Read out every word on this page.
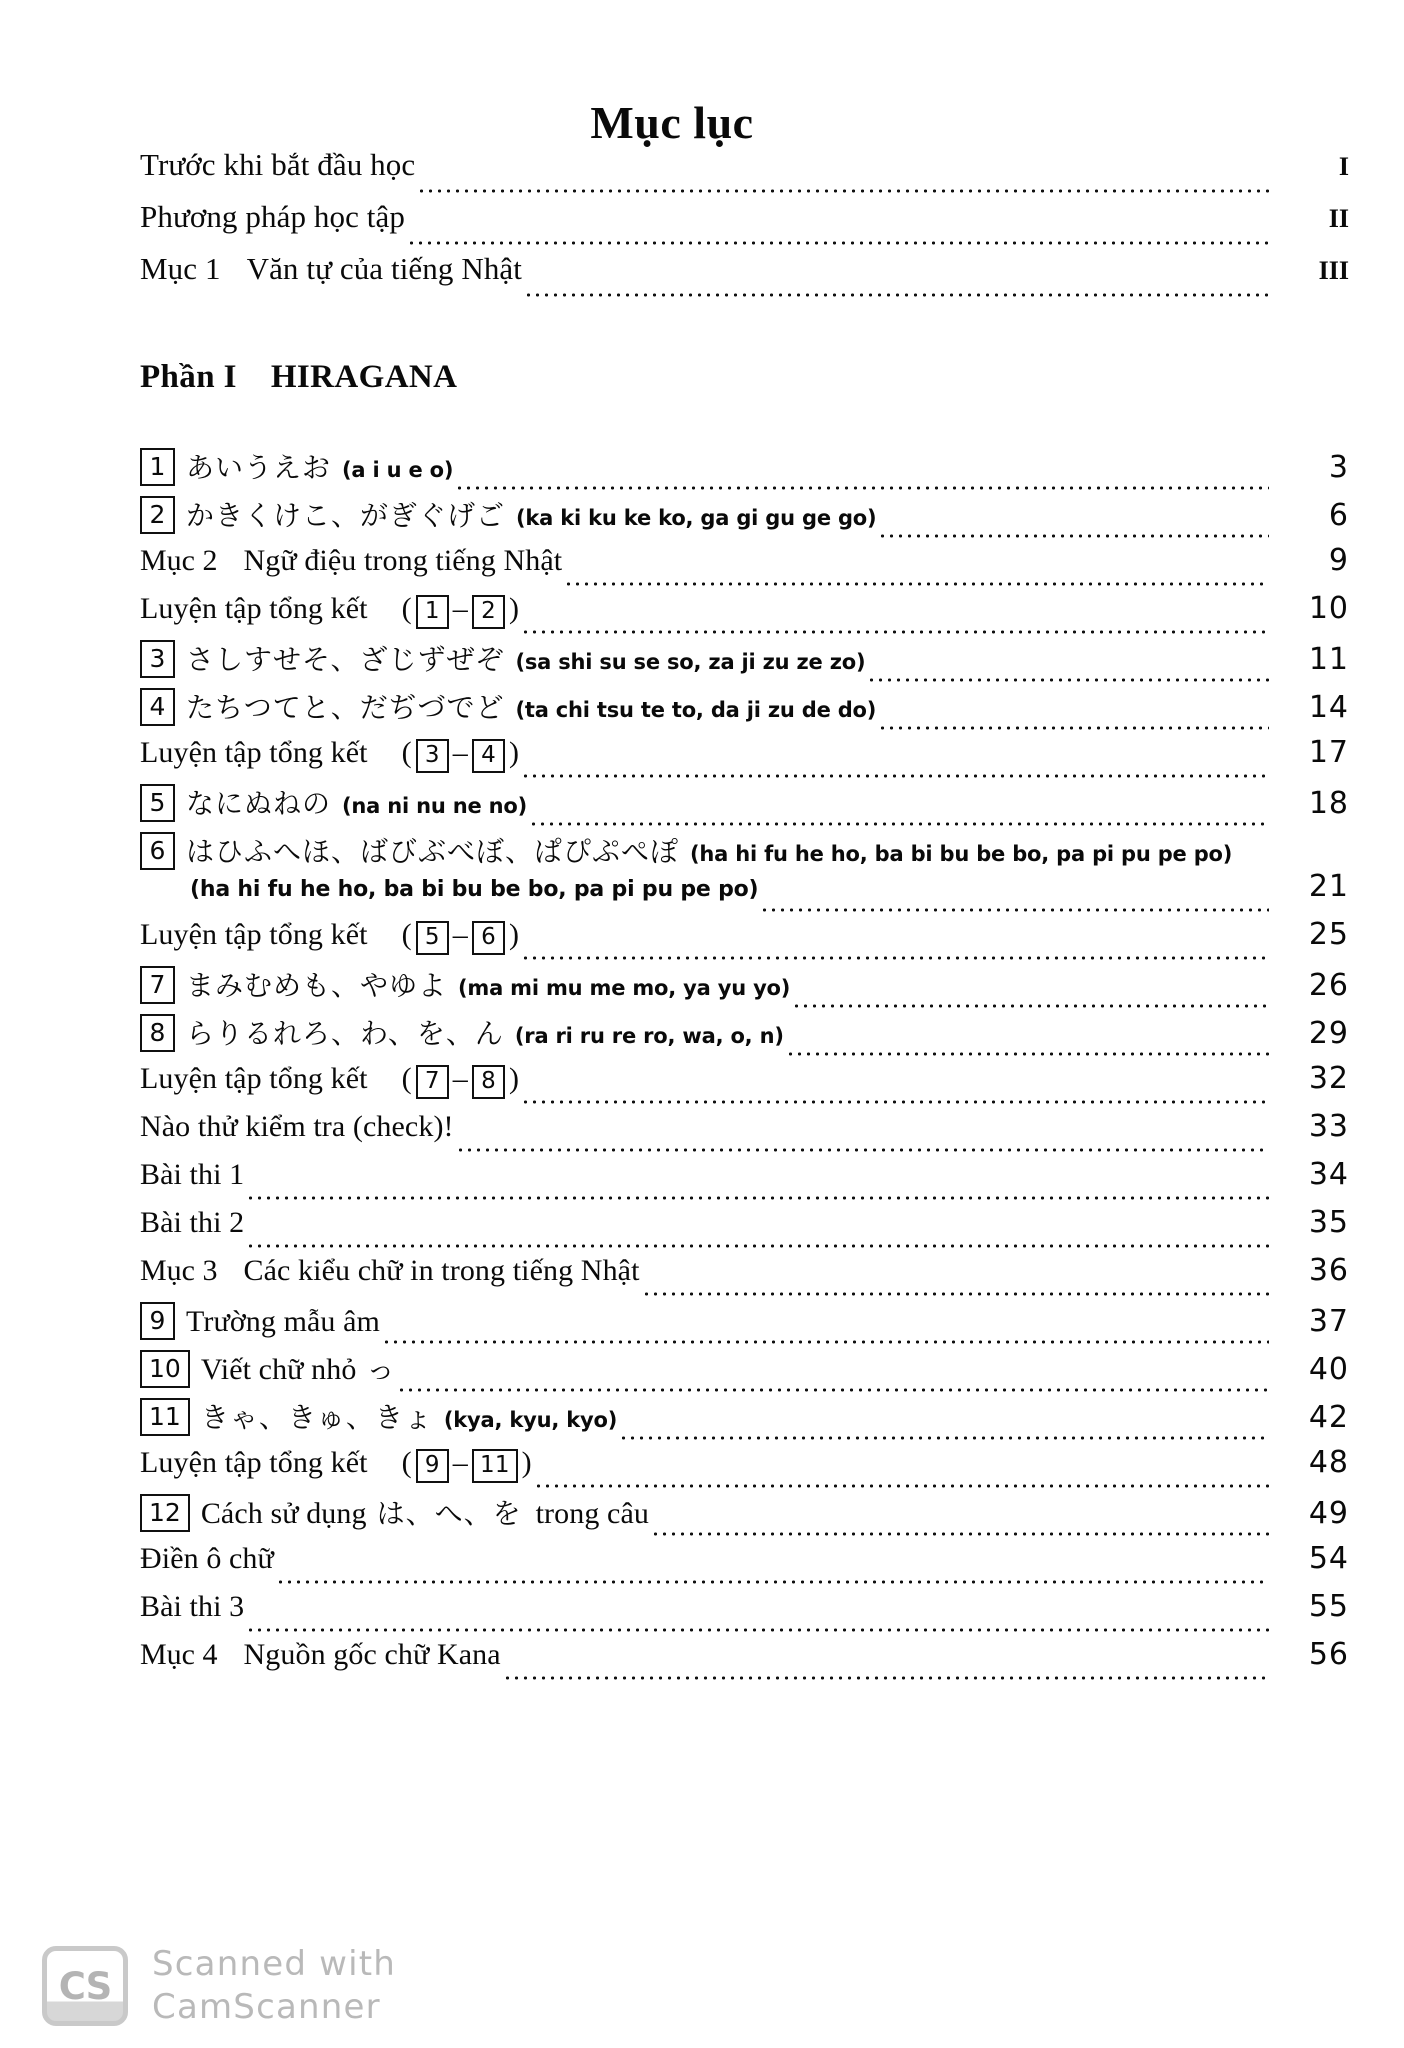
Mục lục
Trước khi bắt đầu học	I
Phương pháp học tập	II
Mục 1 Văn tự của tiếng Nhật	III
Phần I HIRAGANA
1 あいうえお (a i u e o)	3
2 かきくけこ、がぎぐげご (ka ki ku ke ko, ga gi gu ge go)	6
Mục 2 Ngữ điệu trong tiếng Nhật	9
Luyện tập tổng kết ( 1 – 2 )	10
3 さしすせそ、ざじずぜぞ (sa shi su se so, za ji zu ze zo)	11
4 たちつてと、だぢづでど (ta chi tsu te to, da ji zu de do)	14
Luyện tập tổng kết ( 3 – 4 )	17
5 なにぬねの (na ni nu ne no)	18
6 はひふへほ、ばびぶべぼ、ぱぴぷぺぽ (ha hi fu he ho, ba bi bu be bo, pa pi pu pe po)
(ha hi fu he ho, ba bi bu be bo, pa pi pu pe po)	21
Luyện tập tổng kết ( 5 – 6 )	25
7 まみむめも、やゆよ (ma mi mu me mo, ya yu yo)	26
8 らりるれろ、わ、を、ん (ra ri ru re ro, wa, o, n)	29
Luyện tập tổng kết ( 7 – 8 )	32
Nào thử kiểm tra (check)!	33
Bài thi 1	34
Bài thi 2	35
Mục 3 Các kiểu chữ in trong tiếng Nhật	36
9 Trường mẫu âm	37
10 Viết chữ nhỏ っ	40
11 きゃ、きゅ、きょ (kya, kyu, kyo)	42
Luyện tập tổng kết ( 9 – 11 )	48
12 Cách sử dụng は、へ、を trong câu	49
Điền ô chữ	54
Bài thi 3	55
Mục 4 Nguồn gốc chữ Kana	56
CS
Scanned with
CamScanner
